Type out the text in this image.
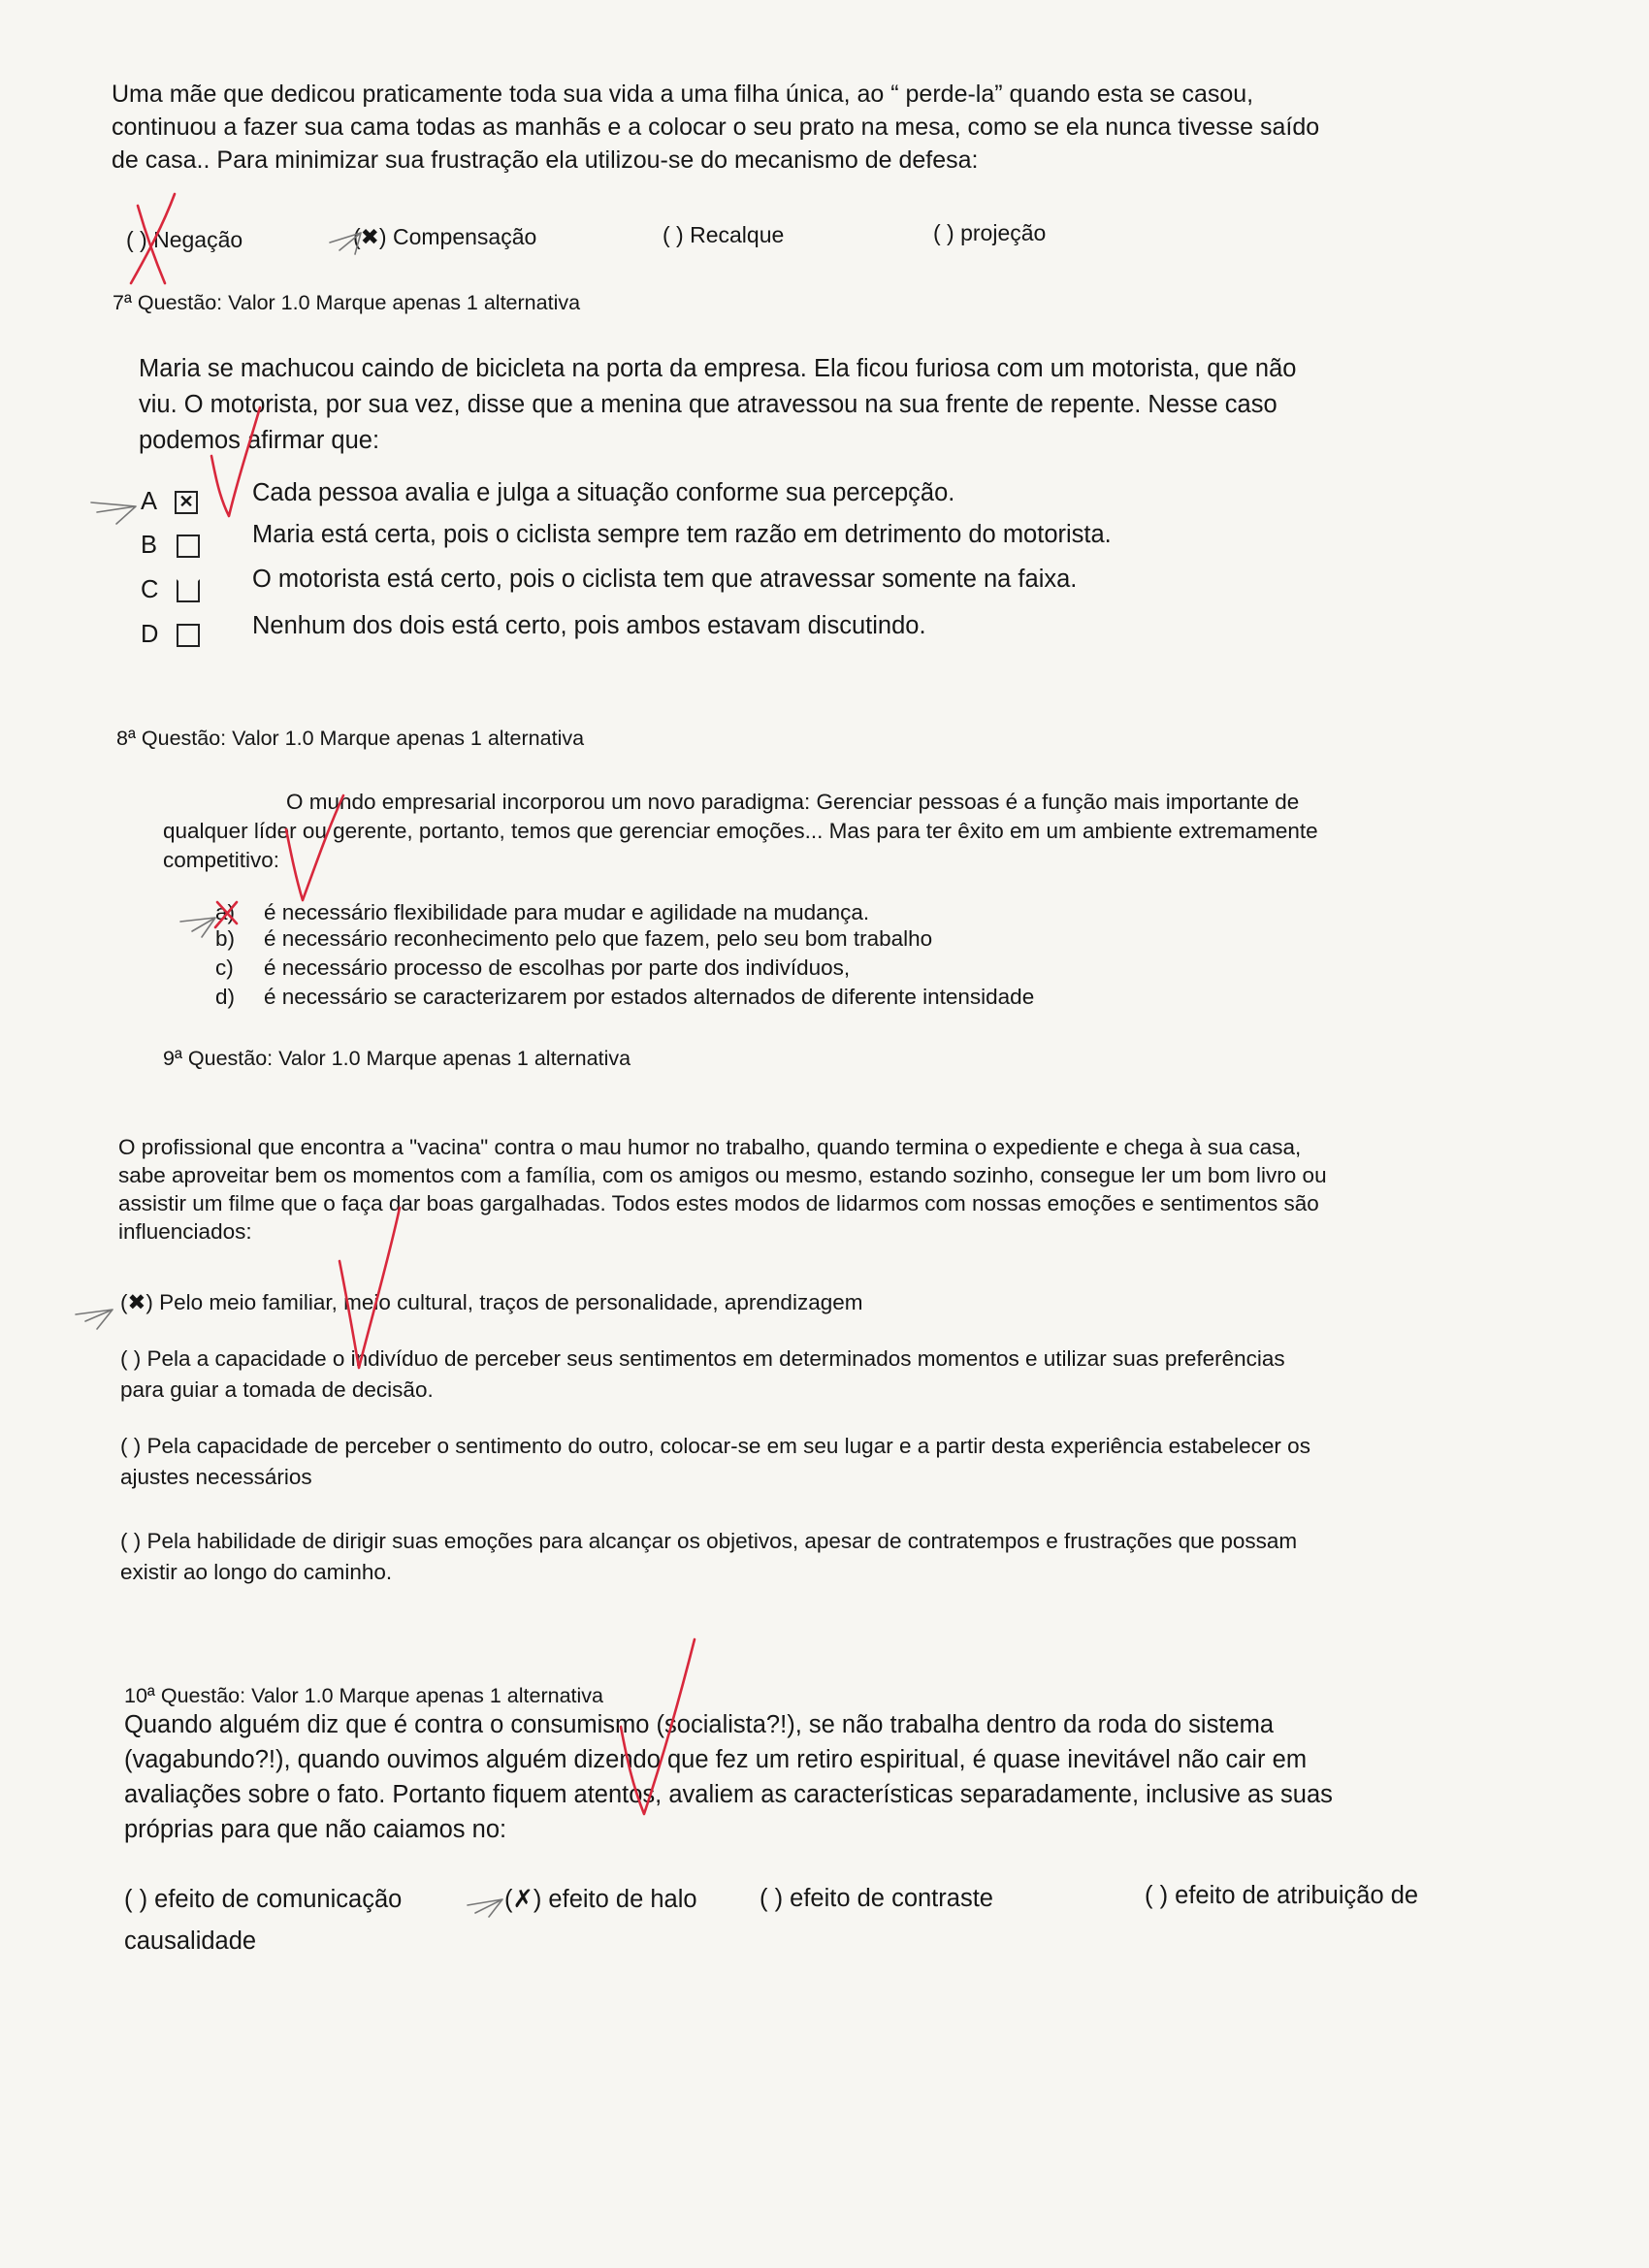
Uma mãe que dedicou praticamente toda sua vida a uma filha única, ao “ perde-la” quando esta se casou,
continuou a fazer sua cama todas as manhãs e a colocar o seu prato na mesa, como se ela nunca tivesse saído
de casa.. Para minimizar sua frustração ela utilizou-se do mecanismo de defesa:
( ) Negação	(✖) Compensação	( ) Recalque	( ) projeção
7ª Questão: Valor 1.0 Marque apenas 1 alternativa
Maria se machucou caindo de bicicleta na porta da empresa. Ela ficou furiosa com um motorista, que não
viu. O motorista, por sua vez, disse que a menina que atravessou na sua frente de repente. Nesse caso
podemos afirmar que:
A ✕ Cada pessoa avalia e julga a situação conforme sua percepção.
B	Maria está certa, pois o ciclista sempre tem razão em detrimento do motorista.
C	O motorista está certo, pois o ciclista tem que atravessar somente na faixa.
D	Nenhum dos dois está certo, pois ambos estavam discutindo.
8ª Questão: Valor 1.0 Marque apenas 1 alternativa
O mundo empresarial incorporou um novo paradigma: Gerenciar pessoas é a função mais importante de
qualquer líder ou gerente, portanto, temos que gerenciar emoções... Mas para ter êxito em um ambiente extremamente
competitivo:
a) é necessário flexibilidade para mudar e agilidade na mudança.
b) é necessário reconhecimento pelo que fazem, pelo seu bom trabalho
c) é necessário processo de escolhas por parte dos indivíduos,
d) é necessário se caracterizarem por estados alternados de diferente intensidade
9ª Questão: Valor 1.0 Marque apenas 1 alternativa
O profissional que encontra a "vacina" contra o mau humor no trabalho, quando termina o expediente e chega à sua casa,
sabe aproveitar bem os momentos com a família, com os amigos ou mesmo, estando sozinho, consegue ler um bom livro ou
assistir um filme que o faça dar boas gargalhadas. Todos estes modos de lidarmos com nossas emoções e sentimentos são
influenciados:
(✖) Pelo meio familiar, meio cultural, traços de personalidade, aprendizagem
( ) Pela a capacidade o indivíduo de perceber seus sentimentos em determinados momentos e utilizar suas preferências
para guiar a tomada de decisão.
( ) Pela capacidade de perceber o sentimento do outro, colocar-se em seu lugar e a partir desta experiência estabelecer os
ajustes necessários
( ) Pela habilidade de dirigir suas emoções para alcançar os objetivos, apesar de contratempos e frustrações que possam
existir ao longo do caminho.
10ª Questão: Valor 1.0 Marque apenas 1 alternativa
Quando alguém diz que é contra o consumismo (socialista?!), se não trabalha dentro da roda do sistema
(vagabundo?!), quando ouvimos alguém dizendo que fez um retiro espiritual, é quase inevitável não cair em
avaliações sobre o fato. Portanto fiquem atentos, avaliem as características separadamente, inclusive as suas
próprias para que não caiamos no:
( ) efeito de comunicação	(✗) efeito de halo	( ) efeito de contraste	( ) efeito de atribuição de
causalidade
